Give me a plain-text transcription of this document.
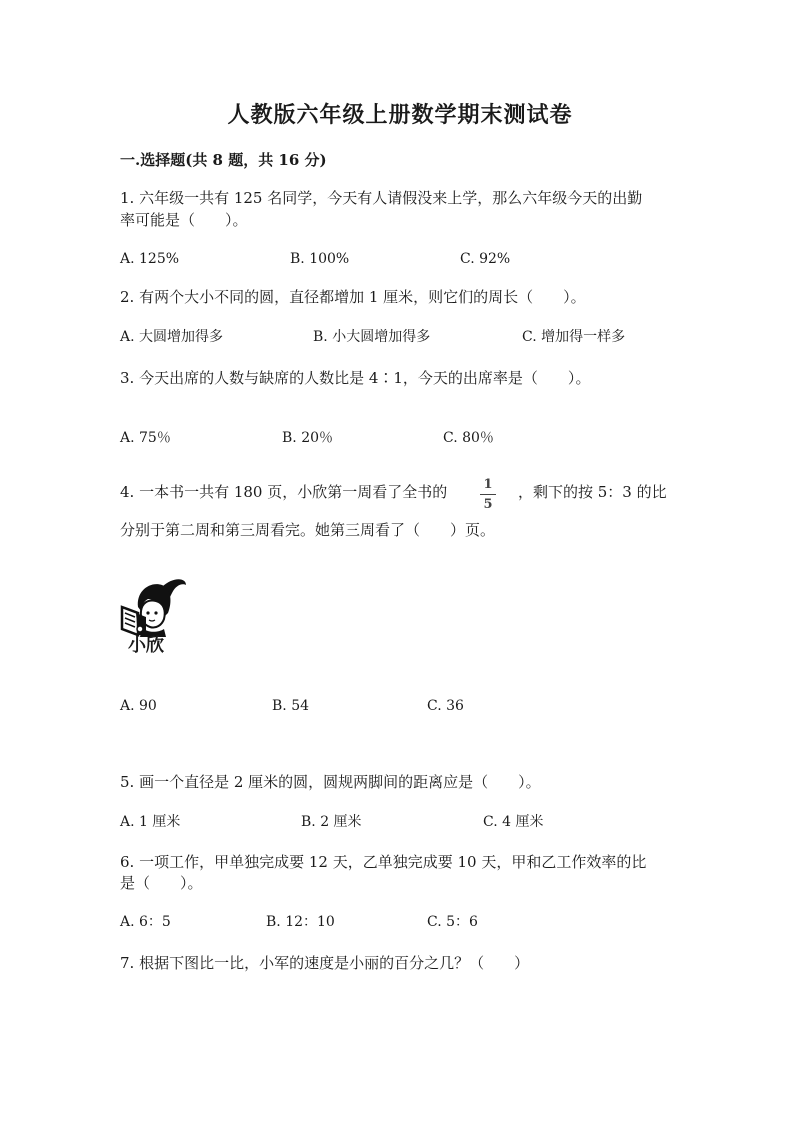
人教版六年级上册数学期末测试卷
一.选择题(共 8 题，共 16 分)
1. 六年级一共有 125 名同学，今天有人请假没来上学，那么六年级今天的出勤
率可能是（　　）。
A. 125%	B. 100%	C. 92%
2. 有两个大小不同的圆，直径都增加 1 厘米，则它们的周长（　　）。
A. 大圆增加得多	B. 小大圆增加得多	C. 增加得一样多
3. 今天出席的人数与缺席的人数比是 4∶1，今天的出席率是（　　）。
A. 75％	B. 20％	C. 80％
4. 一本书一共有 180 页，小欣第一周看了全书的	1
5
，剩下的按 5：3 的比
分别于第二周和第三周看完。她第三周看了（　　）页。
小欣
A. 90	B. 54	C. 36
5. 画一个直径是 2 厘米的圆，圆规两脚间的距离应是（　　）。
A. 1 厘米	B. 2 厘米	C. 4 厘米
6. 一项工作，甲单独完成要 12 天，乙单独完成要 10 天，甲和乙工作效率的比
是（　　）。
A. 6：5	B. 12：10	C. 5：6
7. 根据下图比一比，小军的速度是小丽的百分之几？（　　）
